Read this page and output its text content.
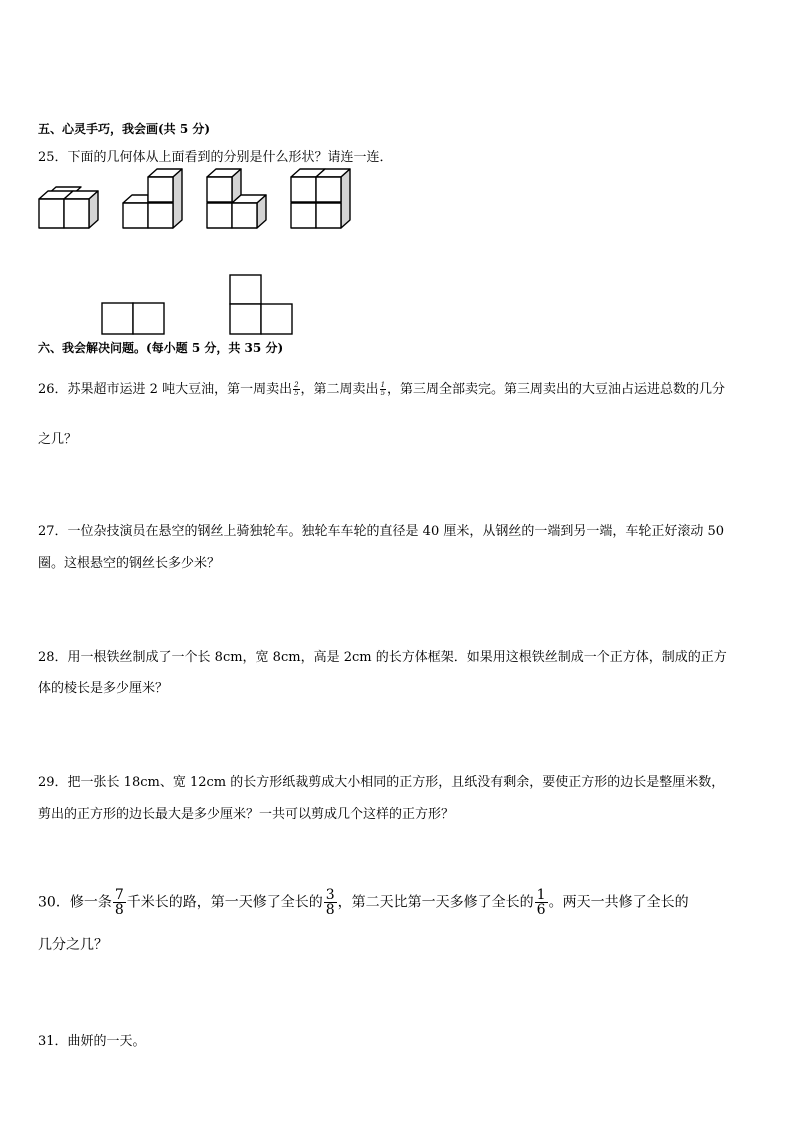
五、心灵手巧，我会画(共 5 分)
25．下面的几何体从上面看到的分别是什么形状？请连一连．
六、我会解决问题。(每小题 5 分，共 35 分)
26．苏果超市运进 2 吨大豆油，第一周卖出 $\frac{2}{5}$ ，第二周卖出 $\frac{1}{5}$ ，第三周全部卖完。第三周卖出的大豆油占运进总数的几分
之几？
27．一位杂技演员在悬空的钢丝上骑独轮车。独轮车车轮的直径是 40 厘米，从钢丝的一端到另一端，车轮正好滚动 50
圈。这根悬空的钢丝长多少米？
28．用一根铁丝制成了一个长 8cm，宽 8cm，高是 2cm 的长方体框架．如果用这根铁丝制成一个正方体，制成的正方
体的棱长是多少厘米？
29．把一张长 18cm、宽 12cm 的长方形纸裁剪成大小相同的正方形，且纸没有剩余，要使正方形的边长是整厘米数，
剪出的正方形的边长最大是多少厘米？一共可以剪成几个这样的正方形？
30．修一条 $\frac{7}{8}$ 千米长的路，第一天修了全长的 $\frac{3}{8}$ ，第二天比第一天多修了全长的 $\frac{1}{6}$ 。两天一共修了全长的
几分之几？
31．曲妍的一天。
